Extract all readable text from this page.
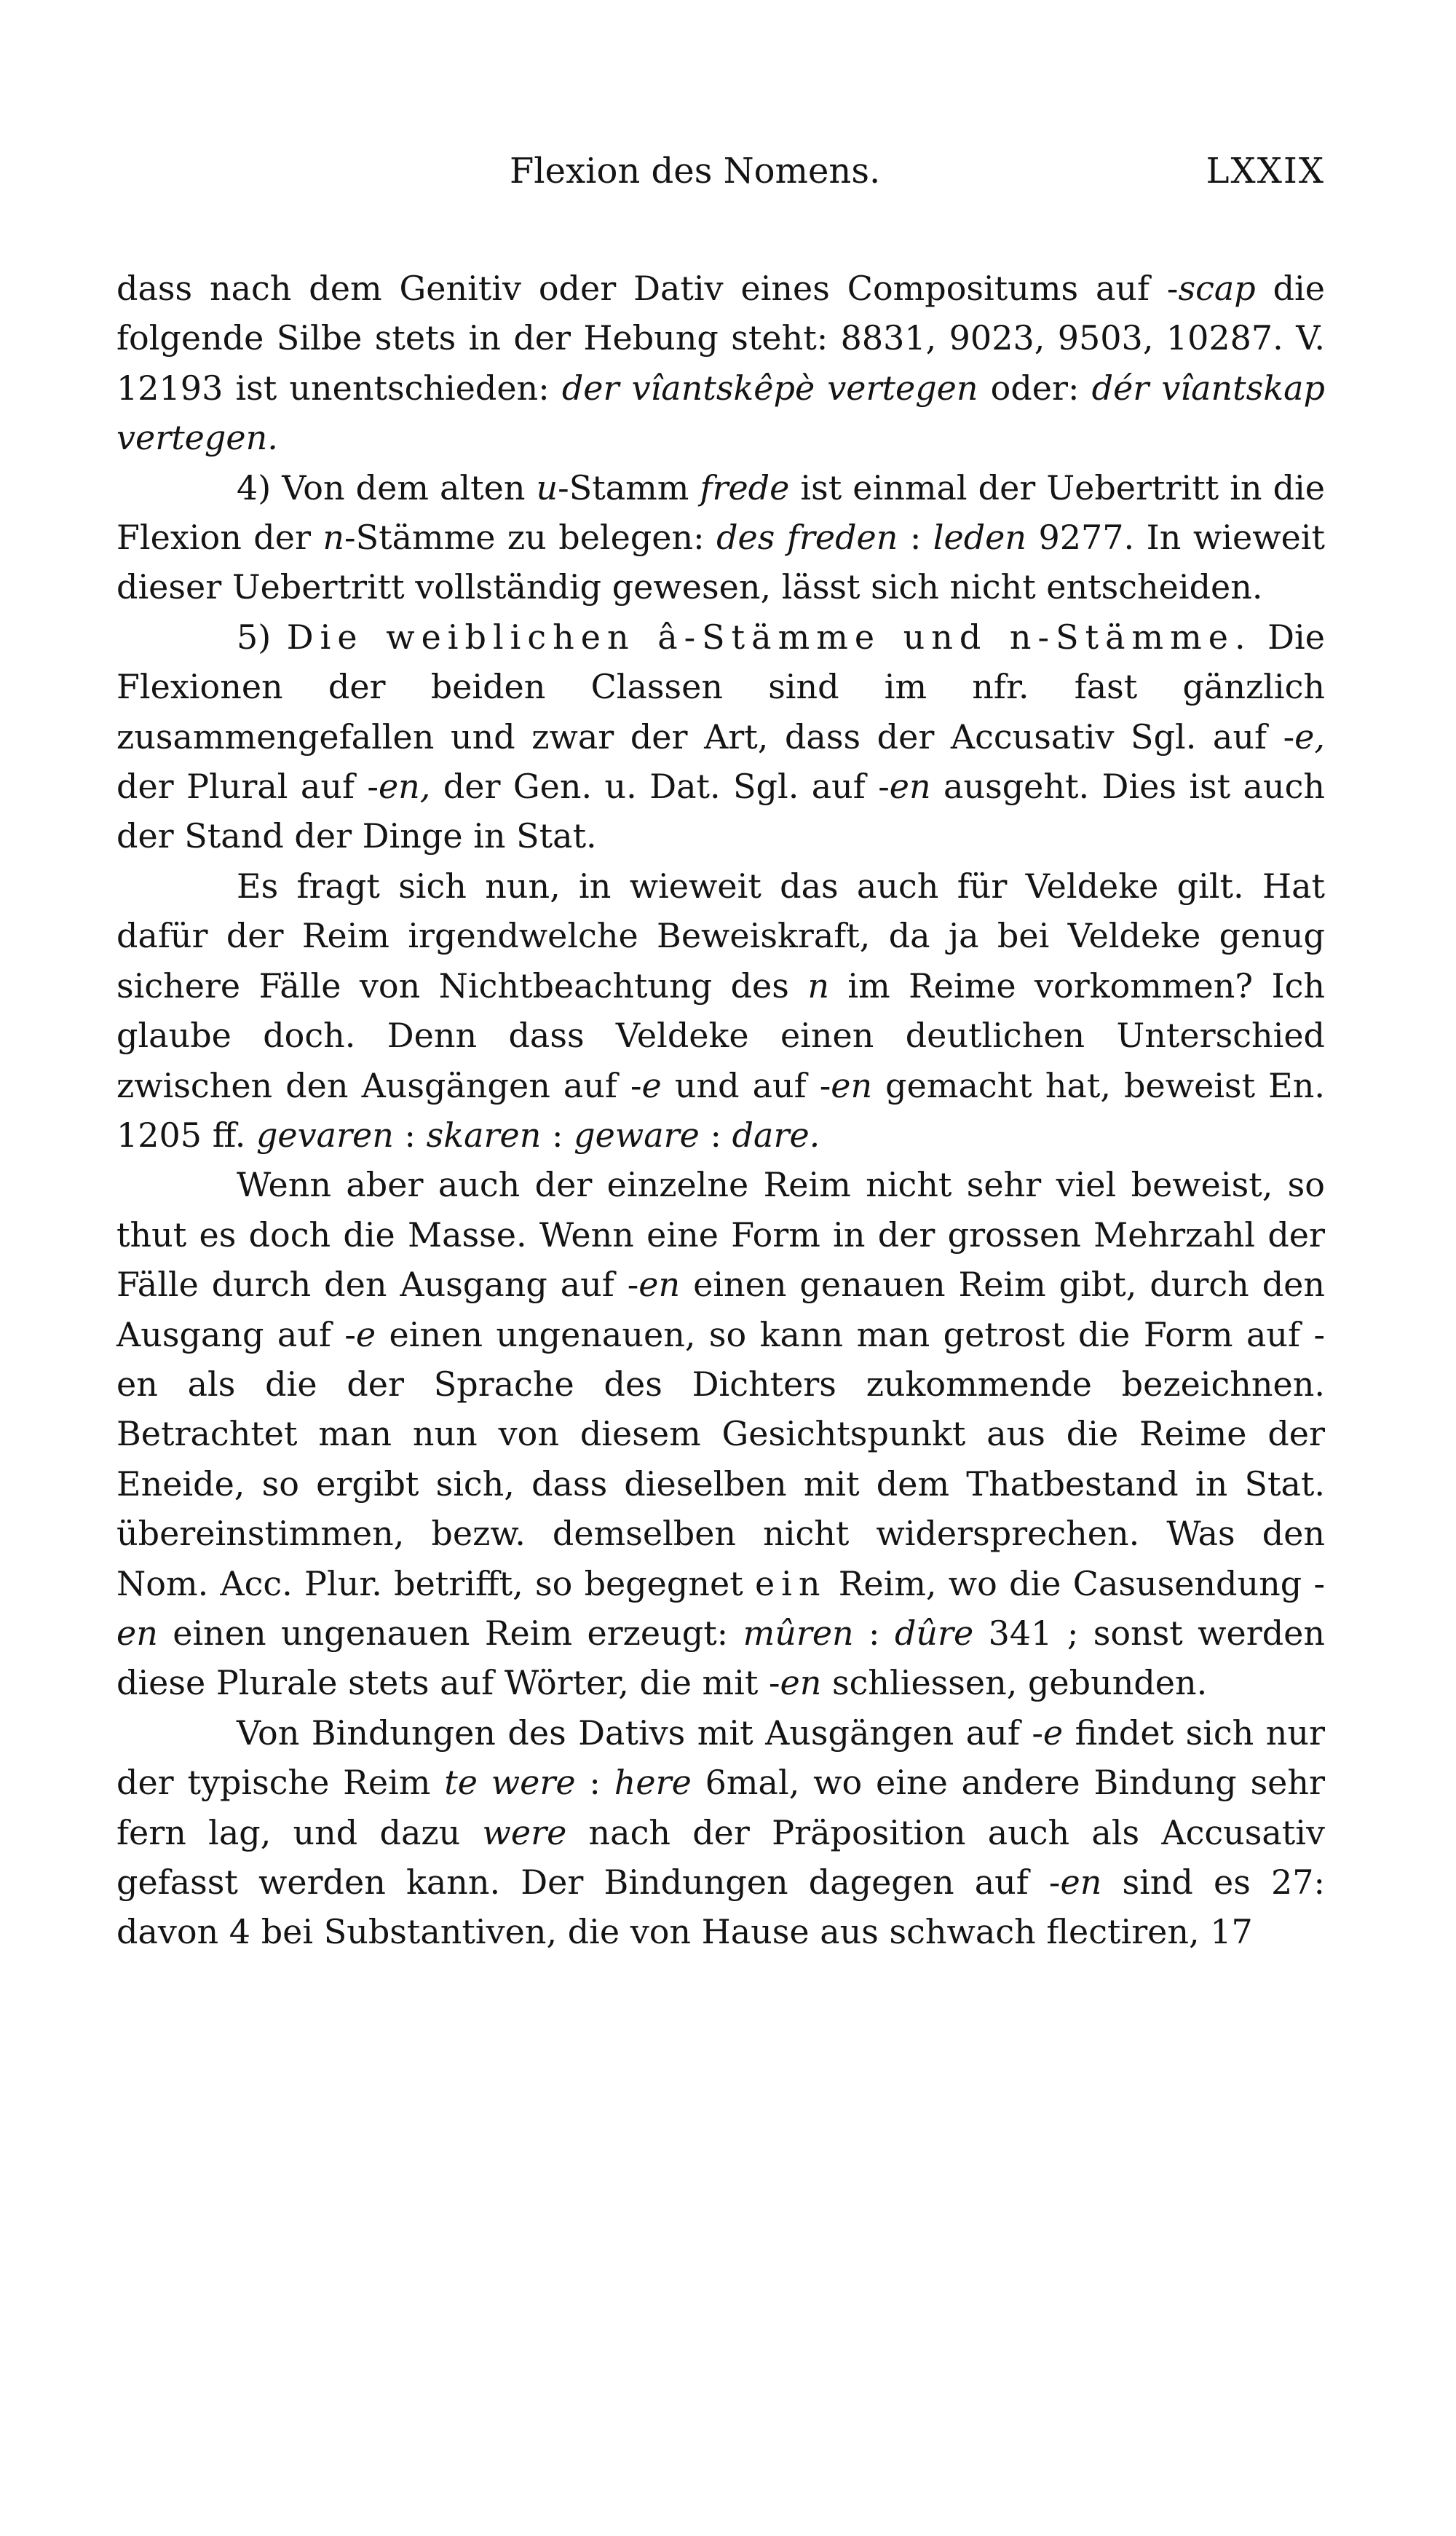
Flexion des Nomens.	LXXIX

dass nach dem Genitiv oder Dativ eines Compositums auf -scap die folgende Silbe stets in der Hebung steht: 8831, 9023, 9503, 10287. V. 12193 ist unentschieden: der vîantskêpè vertegen oder: dér vîantskap vertegen.

4) Von dem alten u-Stamm frede ist einmal der Uebertritt in die Flexion der n-Stämme zu belegen: des freden : leden 9277. In wieweit dieser Uebertritt vollständig gewesen, lässt sich nicht entscheiden.

5) Die weiblichen â-Stämme und n-Stämme. Die Flexionen der beiden Classen sind im nfr. fast gänzlich zusammengefallen und zwar der Art, dass der Accusativ Sgl. auf -e, der Plural auf -en, der Gen. u. Dat. Sgl. auf -en ausgeht. Dies ist auch der Stand der Dinge in Stat.

Es fragt sich nun, in wieweit das auch für Veldeke gilt. Hat dafür der Reim irgendwelche Beweiskraft, da ja bei Veldeke genug sichere Fälle von Nichtbeachtung des n im Reime vorkommen? Ich glaube doch. Denn dass Veldeke einen deutlichen Unterschied zwischen den Ausgängen auf -e und auf -en gemacht hat, beweist En. 1205 ff. gevaren : skaren : geware : dare.

Wenn aber auch der einzelne Reim nicht sehr viel beweist, so thut es doch die Masse. Wenn eine Form in der grossen Mehrzahl der Fälle durch den Ausgang auf -en einen genauen Reim gibt, durch den Ausgang auf -e einen ungenauen, so kann man getrost die Form auf -en als die der Sprache des Dichters zukommende bezeichnen. Betrachtet man nun von diesem Gesichtspunkt aus die Reime der Eneide, so ergibt sich, dass dieselben mit dem Thatbestand in Stat. übereinstimmen, bezw. demselben nicht widersprechen. Was den Nom. Acc. Plur. betrifft, so begegnet ein Reim, wo die Casusendung -en einen ungenauen Reim erzeugt: mûren : dûre 341 ; sonst werden diese Plurale stets auf Wörter, die mit -en schliessen, gebunden.

Von Bindungen des Dativs mit Ausgängen auf -e findet sich nur der typische Reim te were : here 6mal, wo eine andere Bindung sehr fern lag, und dazu were nach der Präposition auch als Accusativ gefasst werden kann. Der Bindungen dagegen auf -en sind es 27: davon 4 bei Substantiven, die von Hause aus schwach flectiren, 17
